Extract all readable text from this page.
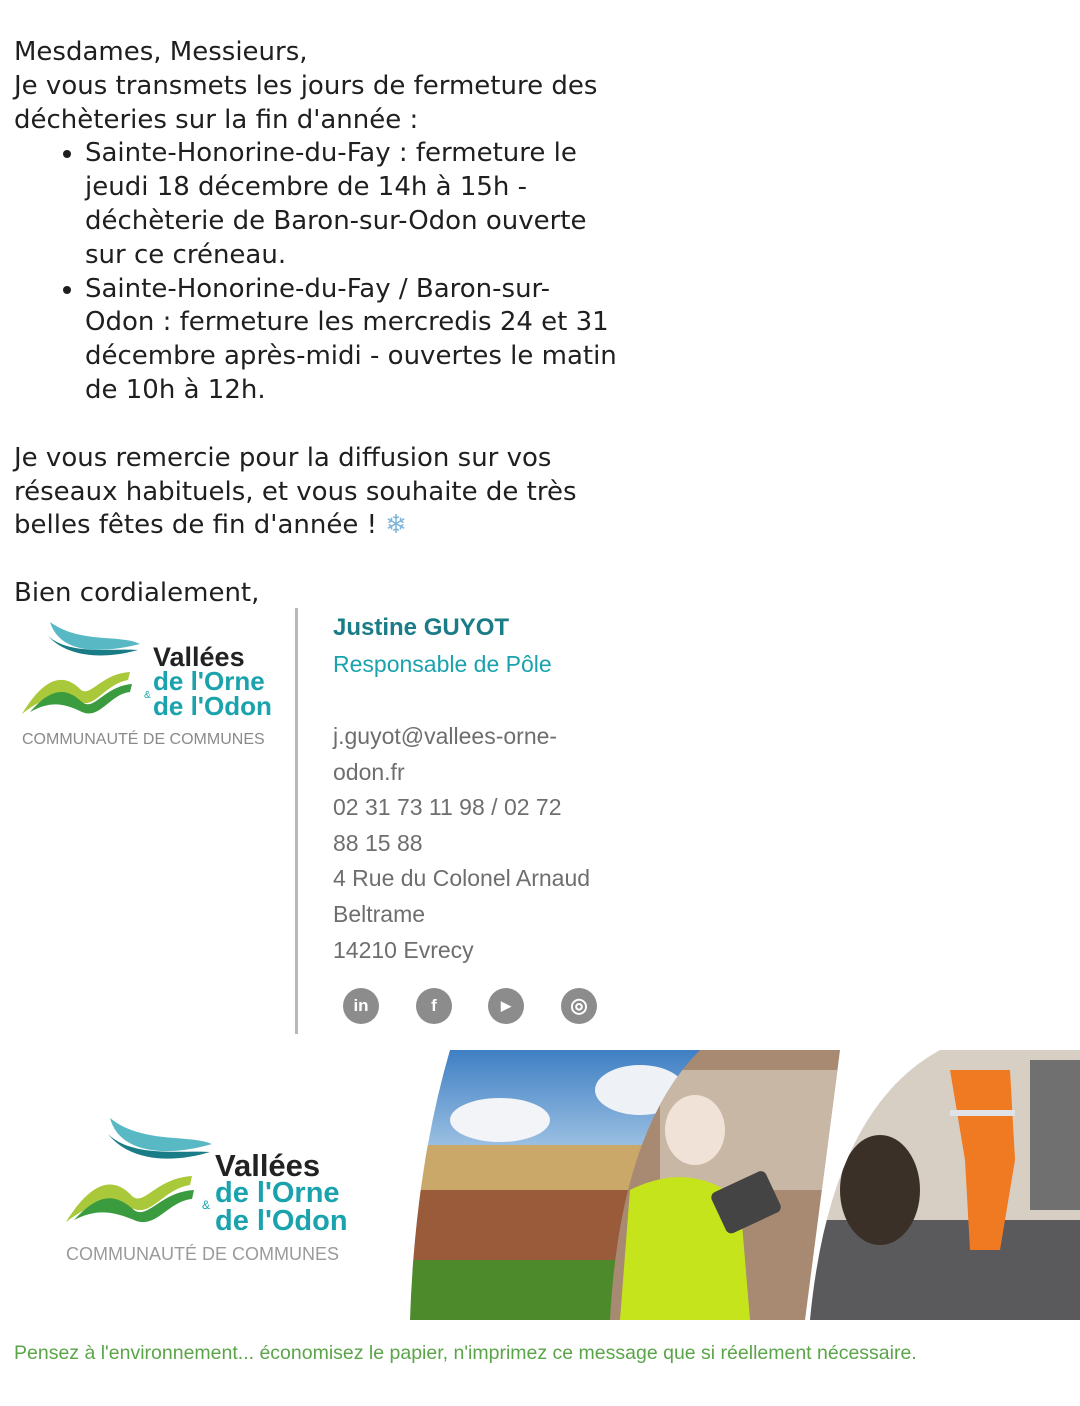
Mesdames, Messieurs,
Je vous transmets les jours de fermeture des
déchèteries sur la fin d'année :
• Sainte-Honorine-du-Fay : fermeture le
jeudi 18 décembre de 14h à 15h -
déchèterie de Baron-sur-Odon ouverte
sur ce créneau.
• Sainte-Honorine-du-Fay / Baron-sur-
Odon : fermeture les mercredis 24 et 31
décembre après-midi - ouvertes le matin
de 10h à 12h.
Je vous remercie pour la diffusion sur vos
réseaux habituels, et vous souhaite de très
belles fêtes de fin d'année ! ❄
Bien cordialement,
Vallées
& de l'Orne
de l'Odon
COMMUNAUTÉ DE COMMUNES
Justine GUYOT
Responsable de Pôle
j.guyot@vallees-orne-
odon.fr
02 31 73 11 98 / 02 72
88 15 88
4 Rue du Colonel Arnaud
Beltrame
14210 Evrecy
in	f	▶	◎
Vallées
& de l'Orne
de l'Odon
COMMUNAUTÉ DE COMMUNES
Pensez à l'environnement... économisez le papier, n'imprimez ce message que si réellement nécessaire.
